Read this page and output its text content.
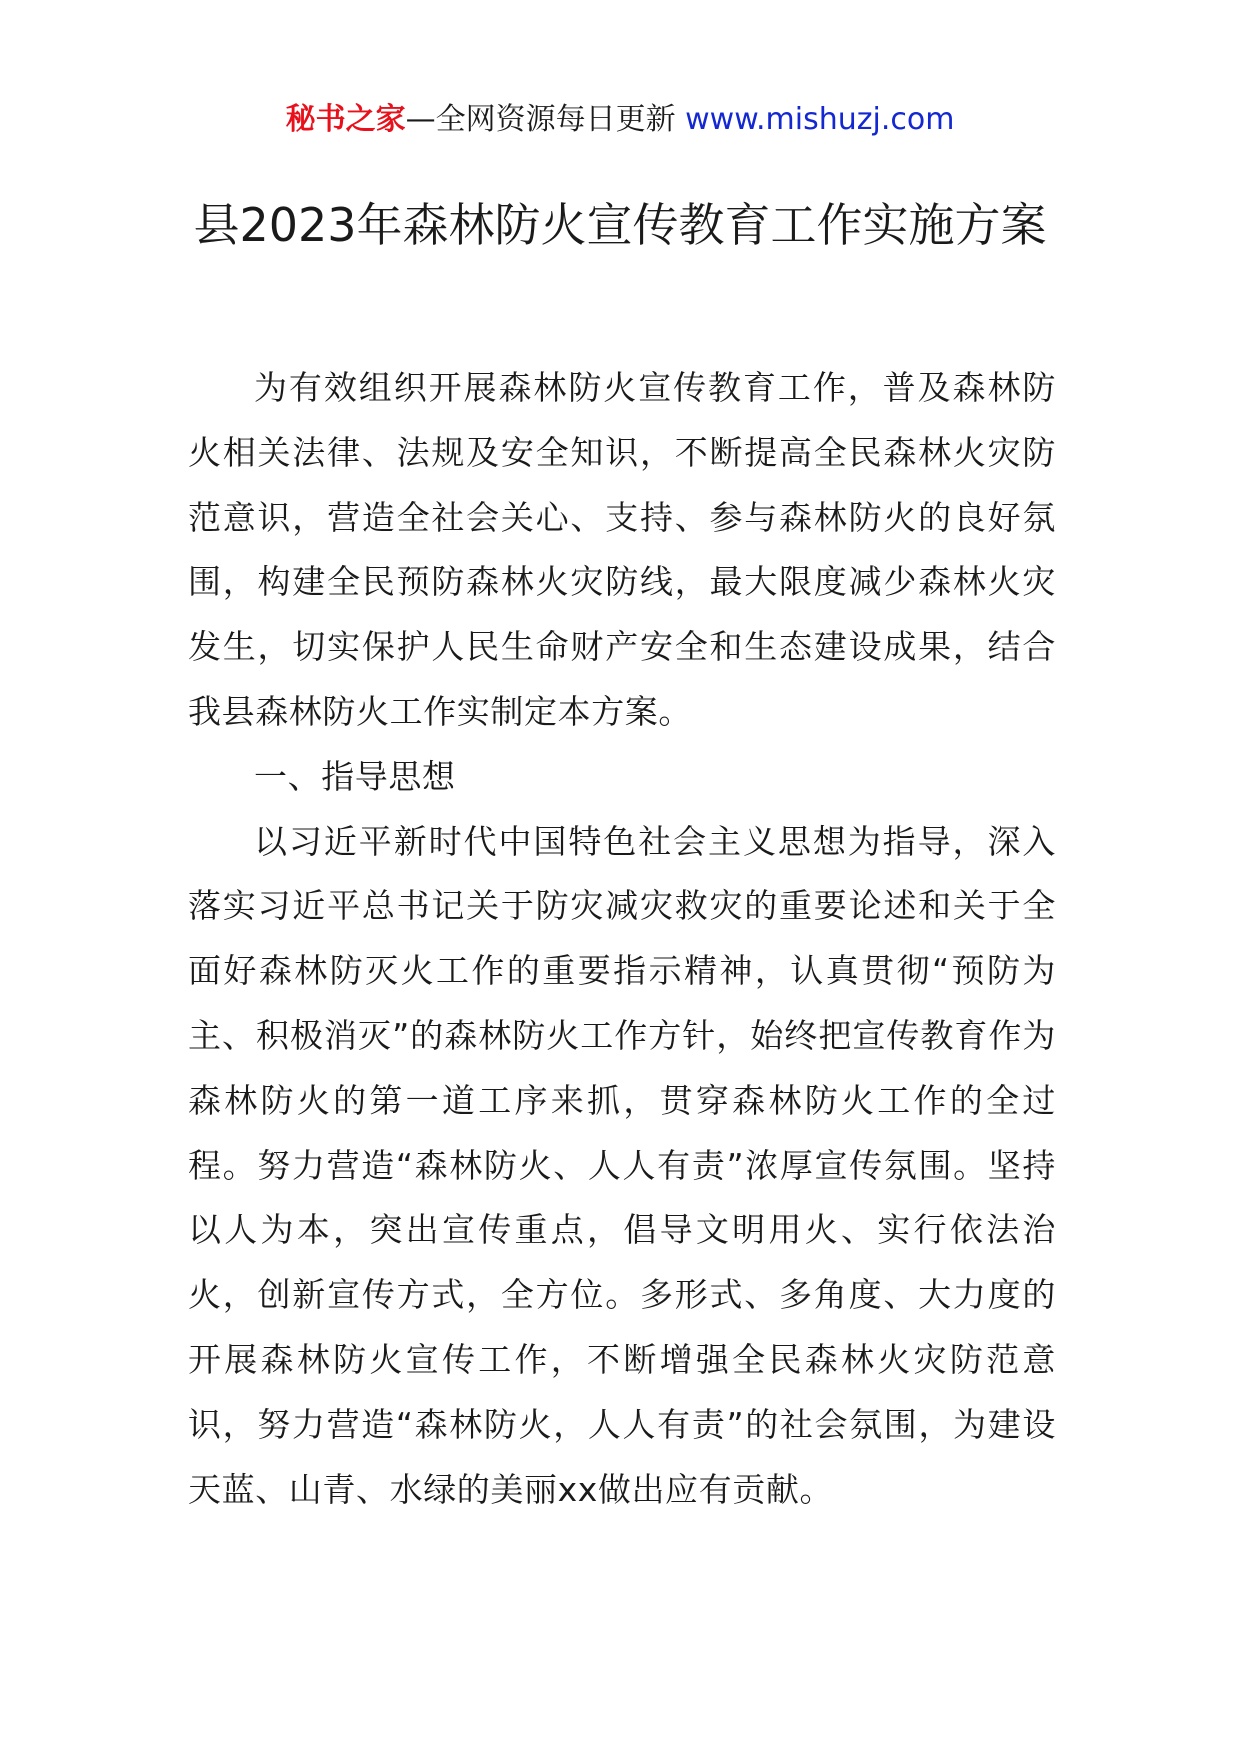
秘书之家—全网资源每日更新 www.mishuzj.com
县2023年森林防火宣传教育工作实施方案

为有效组织开展森林防火宣传教育工作，普及森林防火相关法律、法规及安全知识，不断提高全民森林火灾防范意识，营造全社会关心、支持、参与森林防火的良好氛围，构建全民预防森林火灾防线，最大限度减少森林火灾发生，切实保护人民生命财产安全和生态建设成果，结合我县森林防火工作实制定本方案。

一、指导思想

以习近平新时代中国特色社会主义思想为指导，深入落实习近平总书记关于防灾减灾救灾的重要论述和关于全面好森林防灭火工作的重要指示精神，认真贯彻“预防为主、积极消灭”的森林防火工作方针，始终把宣传教育作为森林防火的第一道工序来抓，贯穿森林防火工作的全过程。努力营造“森林防火、人人有责”浓厚宣传氛围。坚持以人为本，突出宣传重点，倡导文明用火、实行依法治火，创新宣传方式，全方位。多形式、多角度、大力度的开展森林防火宣传工作，不断增强全民森林火灾防范意识，努力营造“森林防火，人人有责”的社会氛围，为建设天蓝、山青、水绿的美丽xx做出应有贡献。
